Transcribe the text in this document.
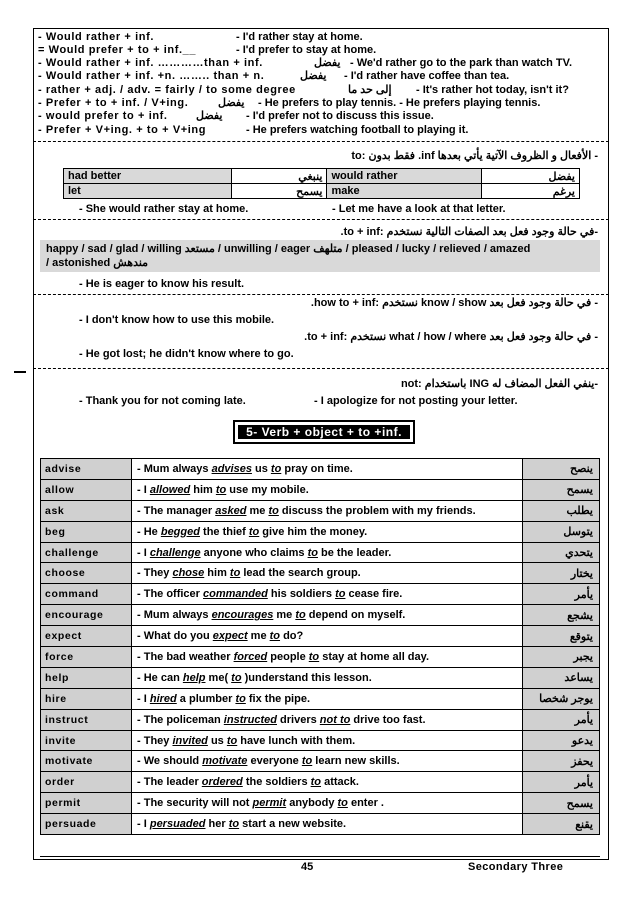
- Would rather + inf.	- I'd rather stay at home.
= Would prefer + to + inf.__	- I'd prefer to stay at home.
- Would rather + inf. …………than + inf.	يفضل - We'd rather go to the park than watch TV.
- Would rather + inf. +n. …….. than + n.	يفضل - I'd rather have coffee than tea.
- rather + adj. / adv. = fairly / to some degree	إلى حد ما - It's rather hot today, isn't it?
- Prefer + to + inf. / V+ing.	يفضل - He prefers to play tennis. - He prefers playing tennis.
- would prefer to + inf.	يفضل - I'd prefer not to discuss this issue.
- Prefer + V+ing. + to + V+ing	- He prefers watching football to playing it.
- الأفعال و الظروف الآتية يأتي بعدها inf. فقط بدون :to
had better	ينبغي	would rather	يفضل
let	يسمح	make	يرغم
- She would rather stay at home.	- Let me have a look at that letter.
-في حالة وجود فعل بعد الصفات التالية نستخدم :to + inf.
happy / sad / glad / willing مستعد / unwilling / eager متلهف / pleased / lucky / relieved / amazed
/ astonished مندهش
- He is eager to know his result.
- في حالة وجود فعل بعد know / show نستخدم :how to + inf.
- I don't know how to use this mobile.
- في حالة وجود فعل بعد what / how / where نستخدم :to + inf.
- He got lost; he didn't know where to go.
-ينفي الفعل المضاف له ING باستخدام :not
- Thank you for not coming late.	- I apologize for not posting your letter.
5- Verb + object + to +inf.
advise	- Mum always advises us to pray on time.		ينصح
allow	- I allowed him to use my mobile.		يسمح
ask	- The manager asked me to discuss the problem with my friends.		يطلب
beg	- He begged the thief to give him the money.		يتوسل
challenge	- I challenge anyone who claims to be the leader.		يتحدي
choose	- They chose him to lead the search group.		يختار
command	- The officer commanded his soldiers to cease fire.		يأمر
encourage	- Mum always encourages me to depend on myself.		يشجع
expect	- What do you expect me to do?		يتوقع
force	- The bad weather forced people to stay at home all day.		يجبر
help	- He can help me( to )understand this lesson.		يساعد
hire	- I hired a plumber to fix the pipe.		يوجر شخصا
instruct	- The policeman instructed drivers not to drive too fast.		يأمر
invite	- They invited us to have lunch with them.		يدعو
motivate	- We should motivate everyone to learn new skills.		يحفز
order	- The leader ordered the soldiers to attack.		يأمر
permit	- The security will not permit anybody to enter .		يسمح
persuade	- I persuaded her to start a new website.		يقنع
45	Secondary Three
